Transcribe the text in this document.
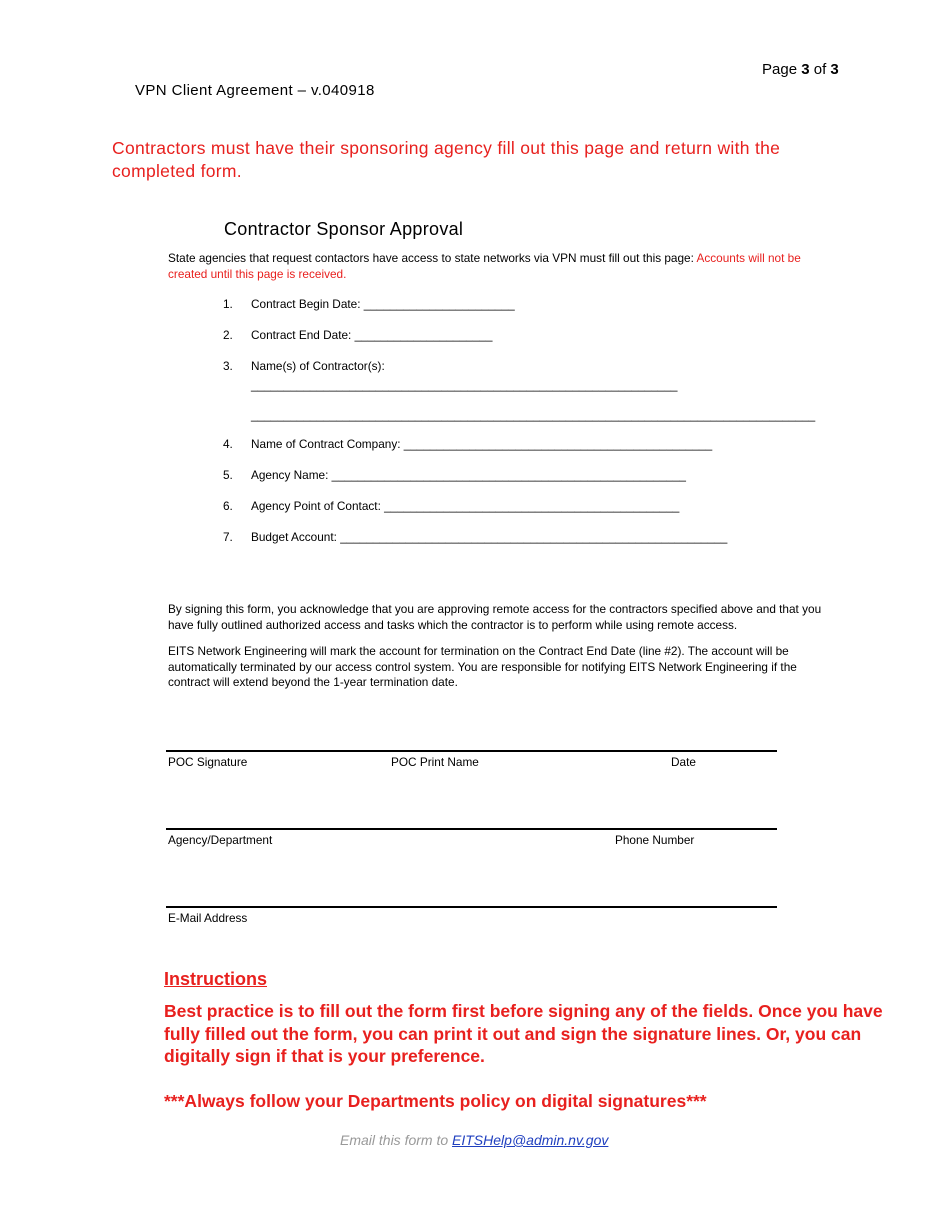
Page 3 of 3
VPN Client Agreement – v.040918
Contractors must have their sponsoring agency fill out this page and return with the completed form.
Contractor Sponsor Approval
State agencies that request contactors have access to state networks via VPN must fill out this page: Accounts will not be created until this page is received.
1. Contract Begin Date: _______________________
2. Contract End Date: _____________________
3. Name(s) of Contractor(s):
_________________________________________________________________
______________________________________________________________________________________
4. Name of Contract Company: _______________________________________________
5. Agency Name: ______________________________________________________
6. Agency Point of Contact: _____________________________________________
7. Budget Account: ___________________________________________________________
By signing this form, you acknowledge that you are approving remote access for the contractors specified above and that you have fully outlined authorized access and tasks which the contractor is to perform while using remote access.
EITS Network Engineering will mark the account for termination on the Contract End Date (line #2). The account will be automatically terminated by our access control system. You are responsible for notifying EITS Network Engineering if the contract will extend beyond the 1-year termination date.
POC Signature	POC Print Name	Date
Agency/Department	Phone Number
E-Mail Address
Instructions
Best practice is to fill out the form first before signing any of the fields. Once you have fully filled out the form, you can print it out and sign the signature lines. Or, you can digitally sign if that is your preference.
***Always follow your Departments policy on digital signatures***
Email this form to EITSHelp@admin.nv.gov
